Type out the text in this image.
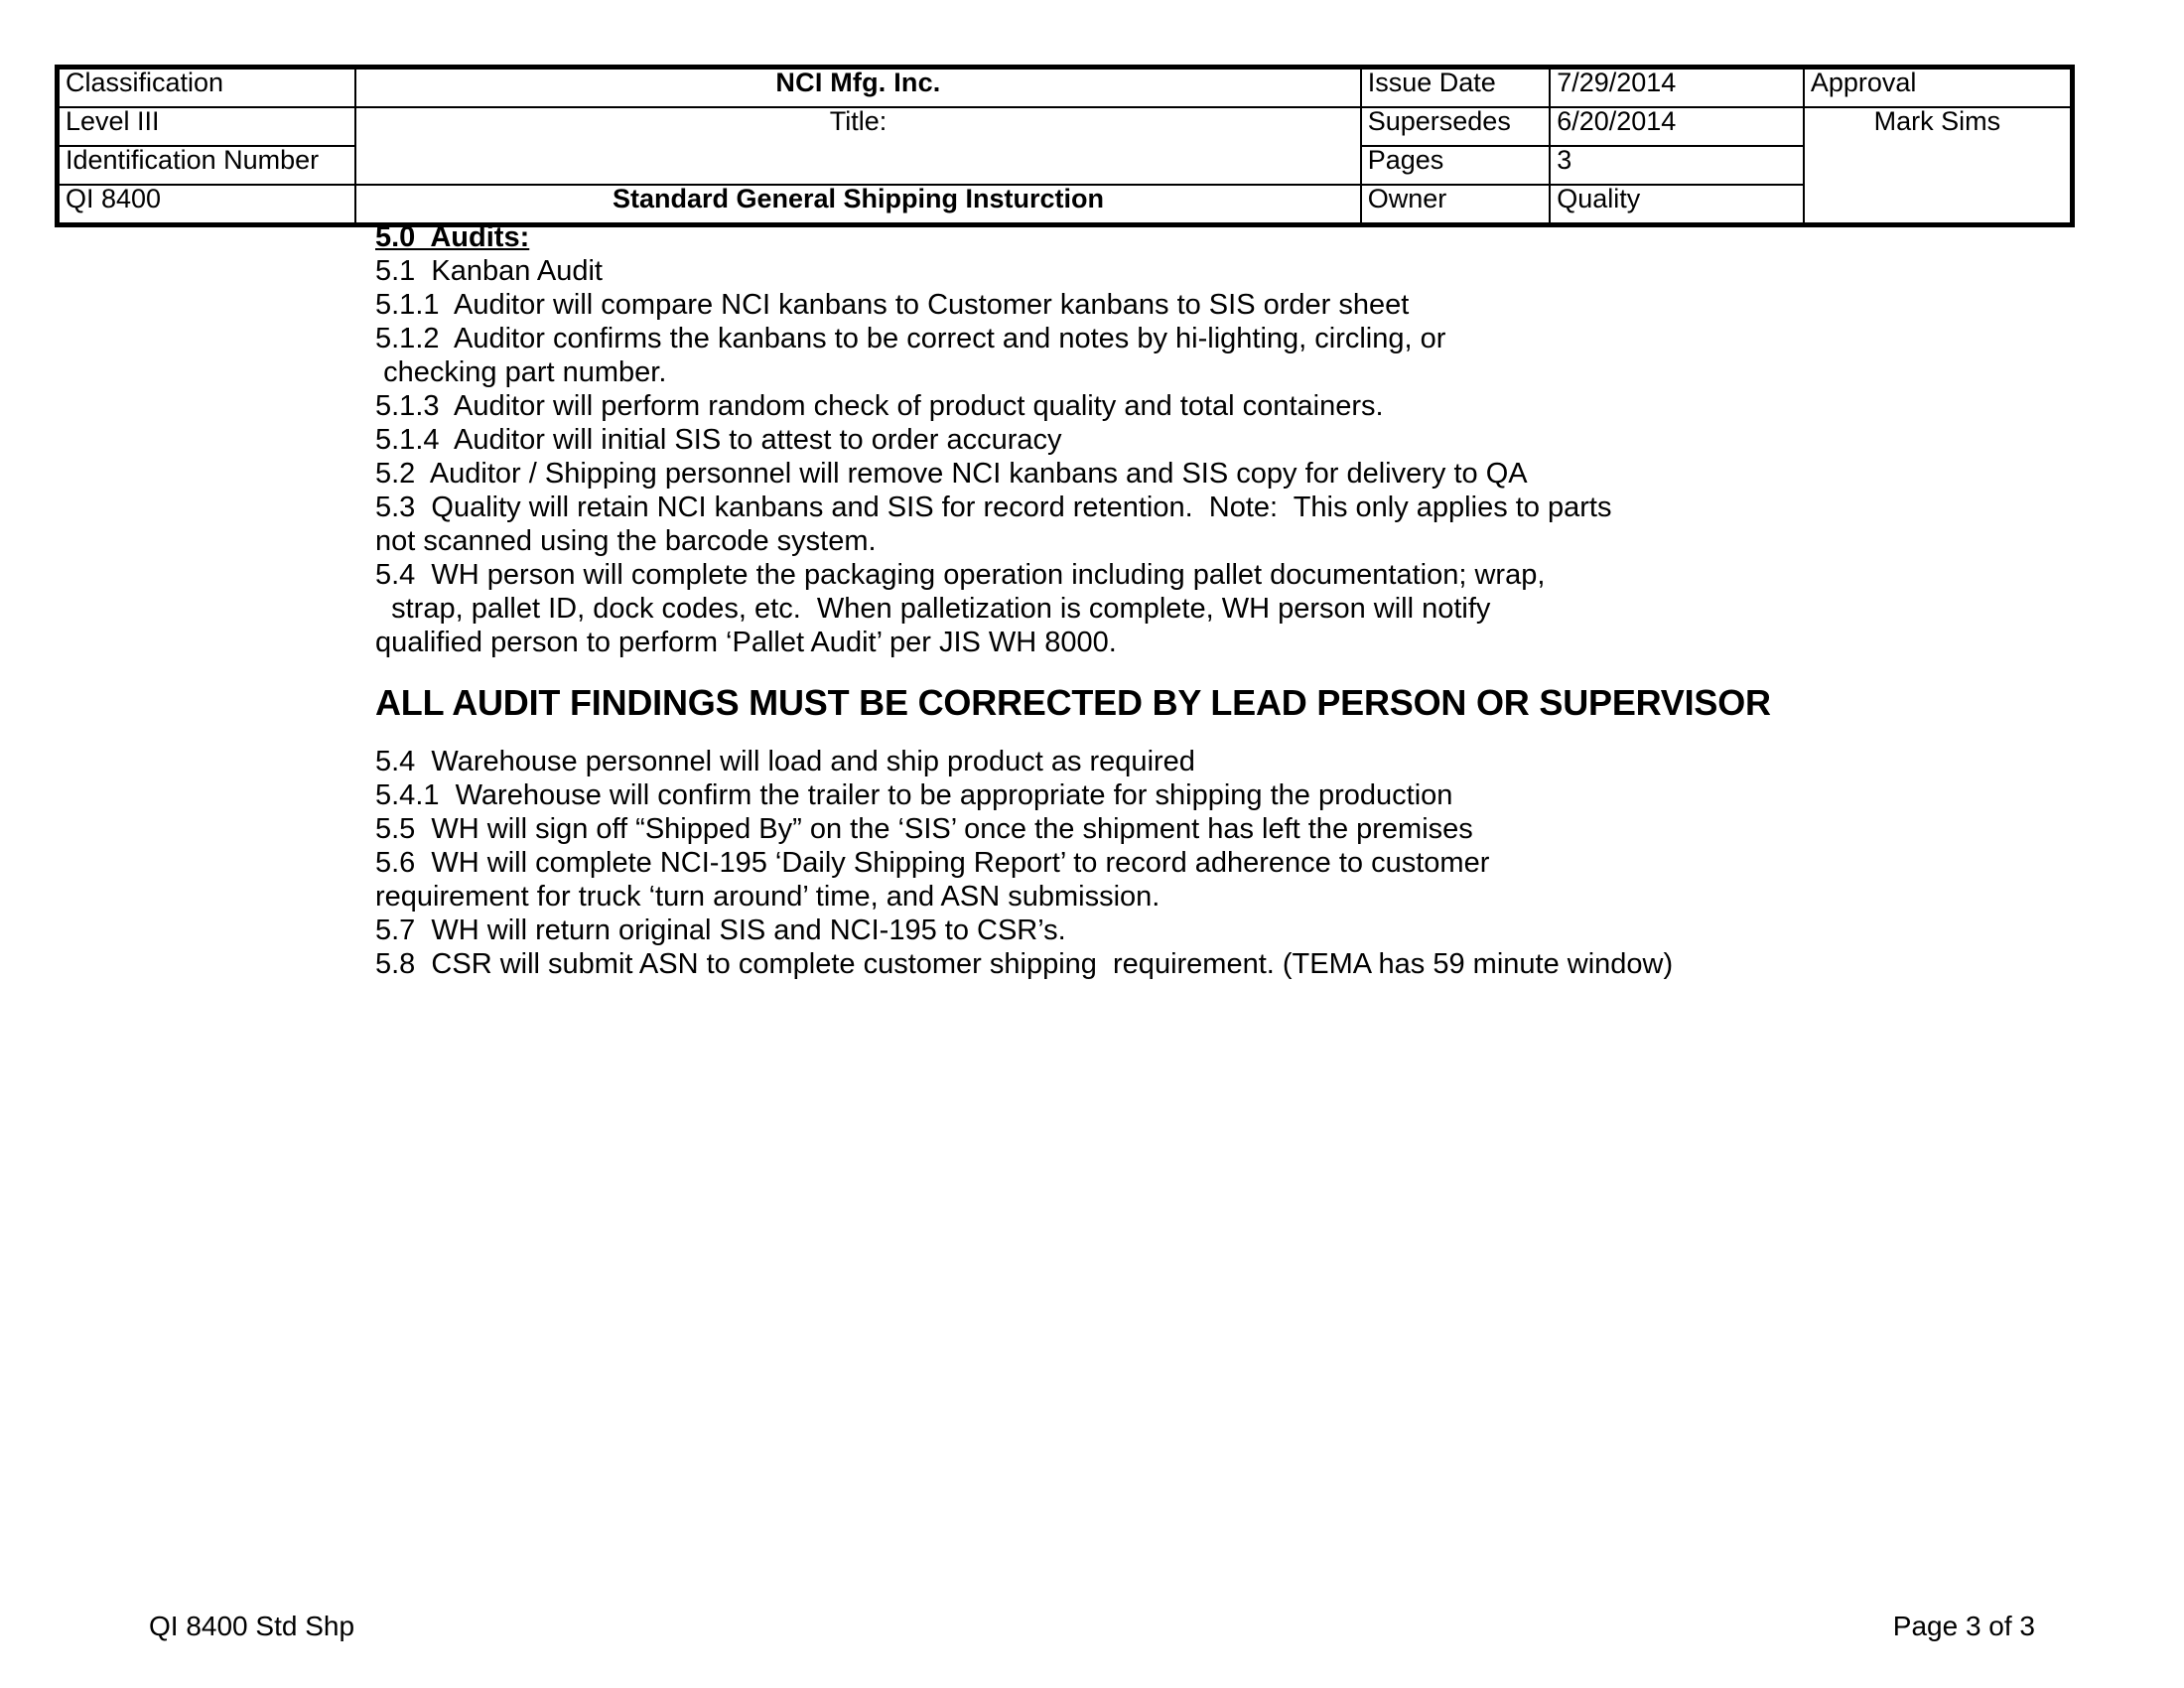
Classification	NCI Mfg. Inc.	Issue Date	7/29/2014	Approval
Level III	Title:	Supersedes	6/20/2014	Mark Sims
Identification Number		Pages	3	
QI 8400	Standard General Shipping Insturction	Owner	Quality	

5.0  Audits:

5.1  Kanban Audit

5.1.1  Auditor will compare NCI kanbans to Customer kanbans to SIS order sheet

5.1.2  Auditor confirms the kanbans to be correct and notes by hi-lighting, circling, or

checking part number.

5.1.3  Auditor will perform random check of product quality and total containers.

5.1.4  Auditor will initial SIS to attest to order accuracy

5.2  Auditor / Shipping personnel will remove NCI kanbans and SIS copy for delivery to QA

5.3  Quality will retain NCI kanbans and SIS for record retention.  Note:  This only applies to parts

not scanned using the barcode system.

5.4  WH person will complete the packaging operation including pallet documentation; wrap,

strap, pallet ID, dock codes, etc.  When palletization is complete, WH person will notify

qualified person to perform ‘Pallet Audit’ per JIS WH 8000.

ALL AUDIT FINDINGS MUST BE CORRECTED BY LEAD PERSON OR SUPERVISOR

5.4  Warehouse personnel will load and ship product as required

5.4.1  Warehouse will confirm the trailer to be appropriate for shipping the production

5.5  WH will sign off “Shipped By” on the ‘SIS’ once the shipment has left the premises

5.6  WH will complete NCI-195 ‘Daily Shipping Report’ to record adherence to customer

requirement for truck ‘turn around’ time, and ASN submission.

5.7  WH will return original SIS and NCI-195 to CSR’s.

5.8  CSR will submit ASN to complete customer shipping  requirement. (TEMA has 59 minute window)

QI 8400 Std Shp	Page 3 of 3
